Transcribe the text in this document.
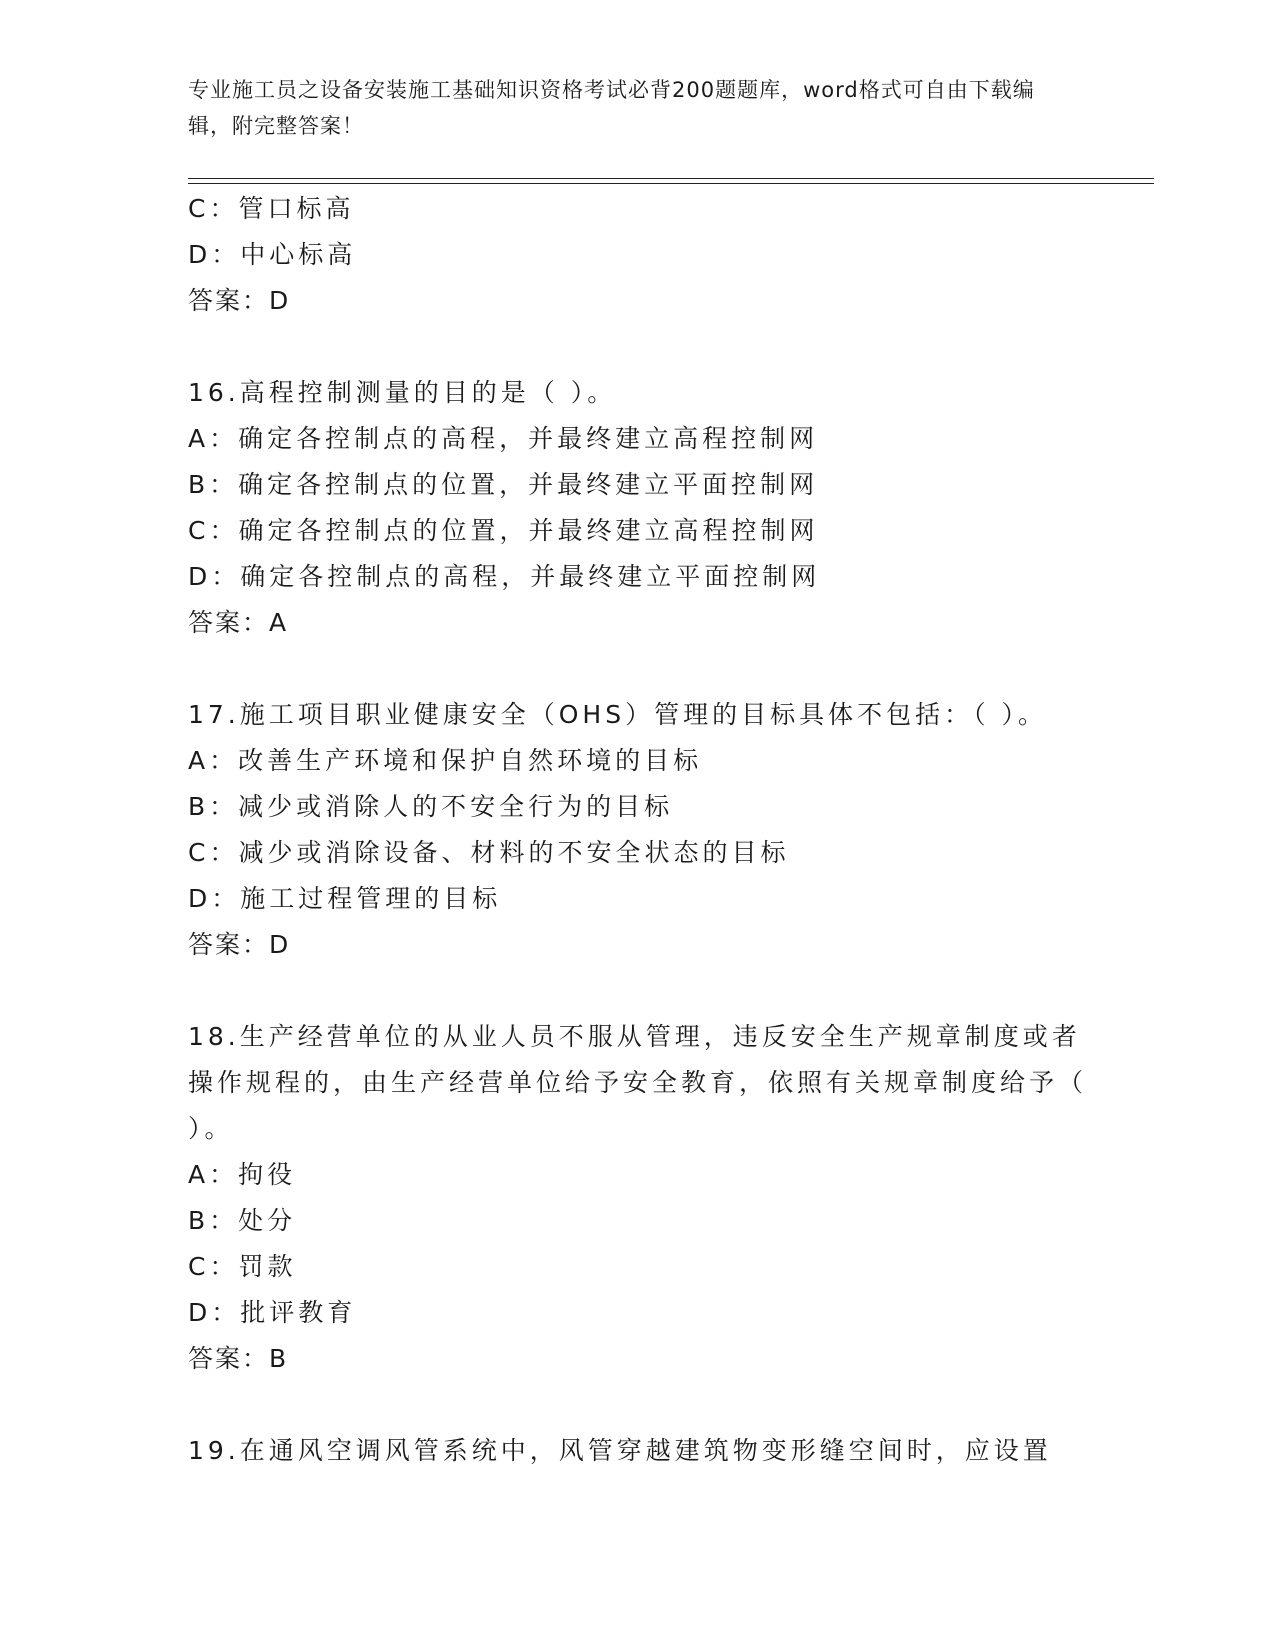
专业施工员之设备安装施工基础知识资格考试必背200题题库，word格式可自由下载编辑，附完整答案！
C：管口标高
D：中心标高
答案：D
16.高程控制测量的目的是（ ）。
A：确定各控制点的高程，并最终建立高程控制网
B：确定各控制点的位置，并最终建立平面控制网
C：确定各控制点的位置，并最终建立高程控制网
D：确定各控制点的高程，并最终建立平面控制网
答案：A
17.施工项目职业健康安全（OHS）管理的目标具体不包括：（ ）。
A：改善生产环境和保护自然环境的目标
B：减少或消除人的不安全行为的目标
C：减少或消除设备、材料的不安全状态的目标
D：施工过程管理的目标
答案：D
18.生产经营单位的从业人员不服从管理，违反安全生产规章制度或者操作规程的，由生产经营单位给予安全教育，依照有关规章制度给予（ ）。
A：拘役
B：处分
C：罚款
D：批评教育
答案：B
19.在通风空调风管系统中，风管穿越建筑物变形缝空间时，应设置
